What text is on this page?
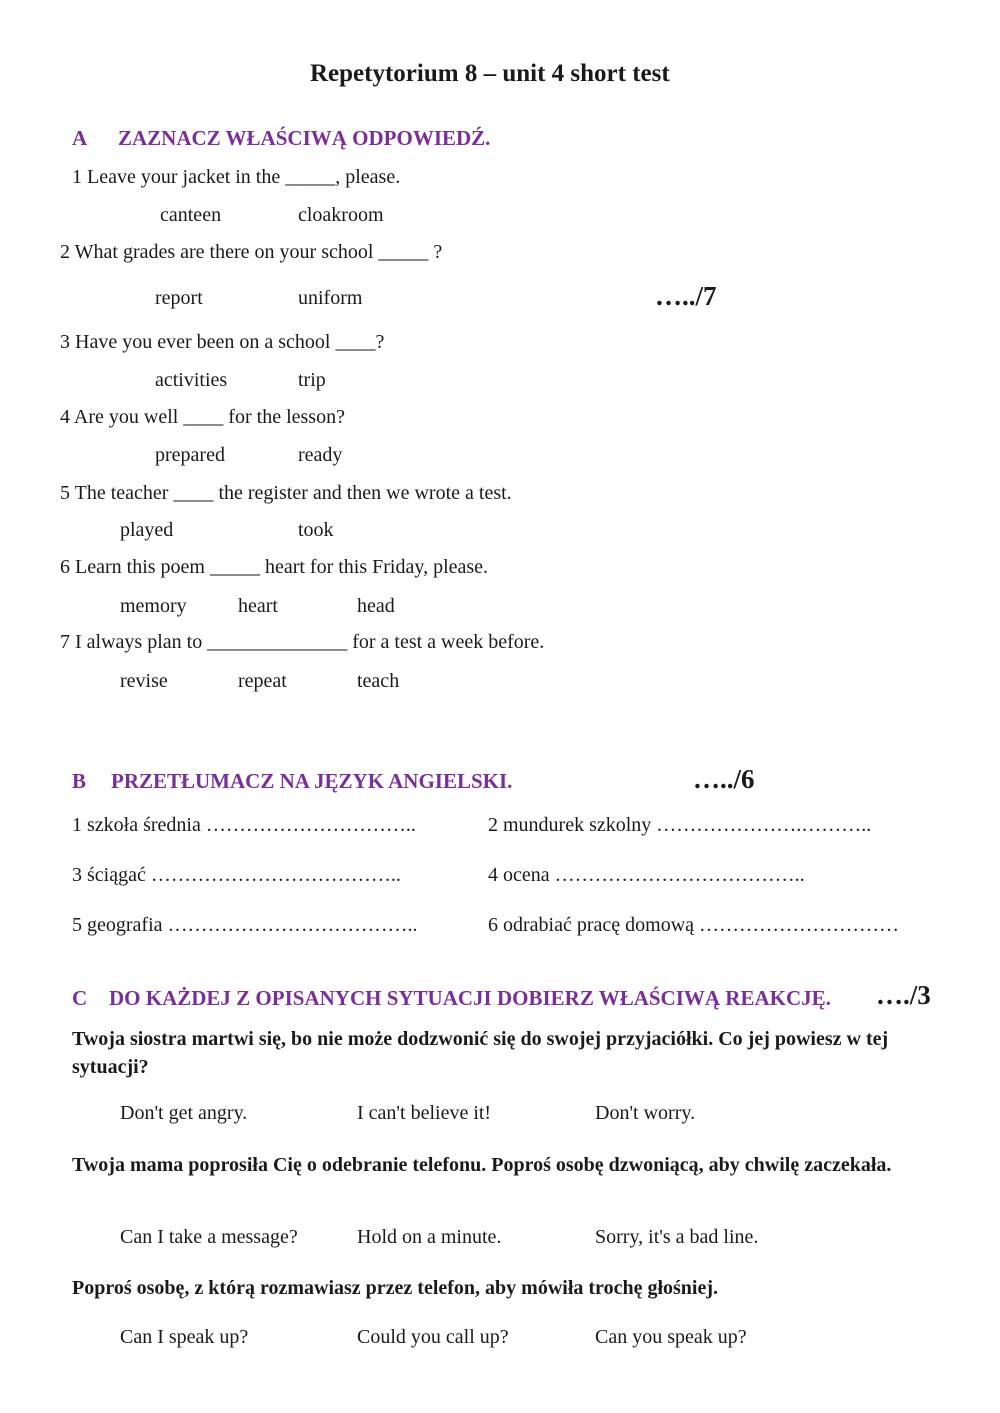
Repetytorium 8 – unit 4 short test
A ZAZNACZ WŁAŚCIWĄ ODPOWIEDŹ.
…../7
1 Leave your jacket in the _____, please.
canteen	cloakroom
2 What grades are there on your school _____ ?
report	uniform
3 Have you ever been on a school ____?
activities	trip
4 Are you well ____ for the lesson?
prepared	ready
5 The teacher ____ the register and then we wrote a test.
played	took
6 Learn this poem _____ heart for this Friday, please.
memory	heart	head
7 I always plan to ______________ for a test a week before.
revise	repeat	teach
B PRZETŁUMACZ NA JĘZYK ANGIELSKI.	…../6
1 szkoła średnia …………………………..	2 mundurek szkolny ………………….………..
3 ściągać ………………………………..	4 ocena ………………………………..
5 geografia ………………………………..	6 odrabiać pracę domową …………………………
C DO KAŻDEJ Z OPISANYCH SYTUACJI DOBIERZ WŁAŚCIWĄ REAKCJĘ. …./3
Twoja siostra martwi się, bo nie może dodzwonić się do swojej przyjaciółki. Co jej powiesz w tej sytuacji?
Don't get angry.	I can't believe it!	Don't worry.
Twoja mama poprosiła Cię o odebranie telefonu. Poproś osobę dzwoniącą, aby chwilę zaczekała.
Can I take a message?	Hold on a minute.	Sorry, it's a bad line.
Poproś osobę, z którą rozmawiasz przez telefon, aby mówiła trochę głośniej.
Can I speak up?	Could you call up?	Can you speak up?
